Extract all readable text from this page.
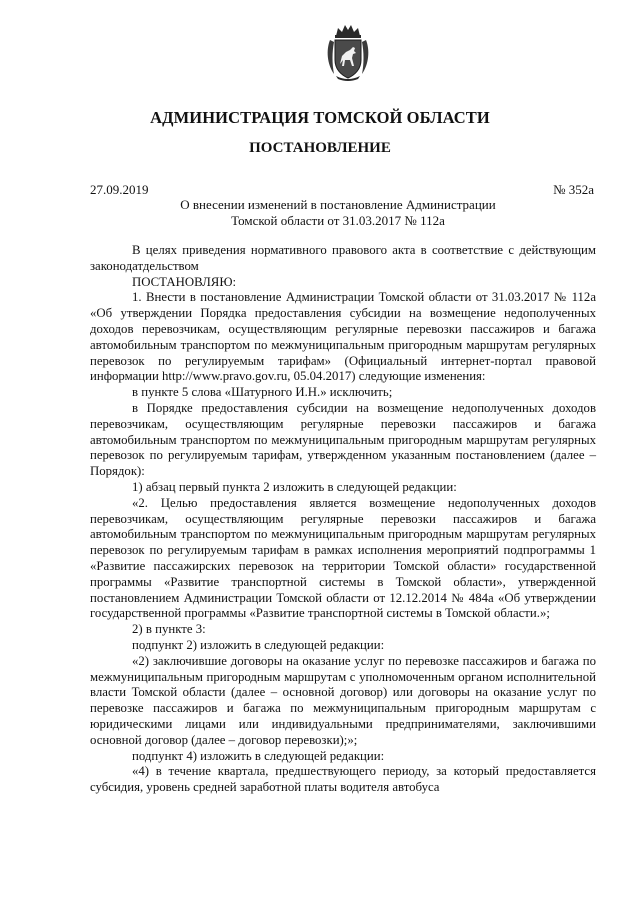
АДМИНИСТРАЦИЯ ТОМСКОЙ ОБЛАСТИ
ПОСТАНОВЛЕНИЕ
27.09.2019	№ 352а
О внесении изменений в постановление Администрации
Томской области от 31.03.2017 № 112а

В целях приведения нормативного правового акта в соответствие с действующим законодатдельством

ПОСТАНОВЛЯЮ:

1. Внести в постановление Администрации Томской области от 31.03.2017 № 112а «Об утверждении Порядка предоставления субсидии на возмещение недополученных доходов перевозчикам, осуществляющим регулярные перевозки пассажиров и багажа автомобильным транспортом по межмуниципальным пригородным маршрутам регулярных перевозок по регулируемым тарифам» (Официальный интернет-портал правовой информации http://www.pravo.gov.ru, 05.04.2017) следующие изменения:

в пункте 5 слова «Шатурного И.Н.» исключить;

в Порядке предоставления субсидии на возмещение недополученных доходов перевозчикам, осуществляющим регулярные перевозки пассажиров и багажа автомобильным транспортом по межмуниципальным пригородным маршрутам регулярных перевозок по регулируемым тарифам, утвержденном указанным постановлением (далее – Порядок):

1) абзац первый пункта 2 изложить в следующей редакции:

«2. Целью предоставления является возмещение недополученных доходов перевозчикам, осуществляющим регулярные перевозки пассажиров и багажа автомобильным транспортом по межмуниципальным пригородным маршрутам регулярных перевозок по регулируемым тарифам в рамках исполнения мероприятий подпрограммы 1 «Развитие пассажирских перевозок на территории Томской области» государственной программы «Развитие транспортной системы в Томской области», утвержденной постановлением Администрации Томской области от 12.12.2014 № 484а «Об утверждении государственной программы «Развитие транспортной системы в Томской области.»;

2) в пункте 3:

подпункт 2) изложить в следующей редакции:

«2) заключившие договоры на оказание услуг по перевозке пассажиров и багажа по межмуниципальным пригородным маршрутам с уполномоченным органом исполнительной власти Томской области (далее – основной договор) или договоры на оказание услуг по перевозке пассажиров и багажа по межмуниципальным пригородным маршрутам с юридическими лицами или индивидуальными предпринимателями, заключившими основной договор (далее – договор перевозки);»;

подпункт 4) изложить в следующей редакции:

«4) в течение квартала, предшествующего периоду, за который предоставляется субсидия, уровень средней заработной платы водителя автобуса
